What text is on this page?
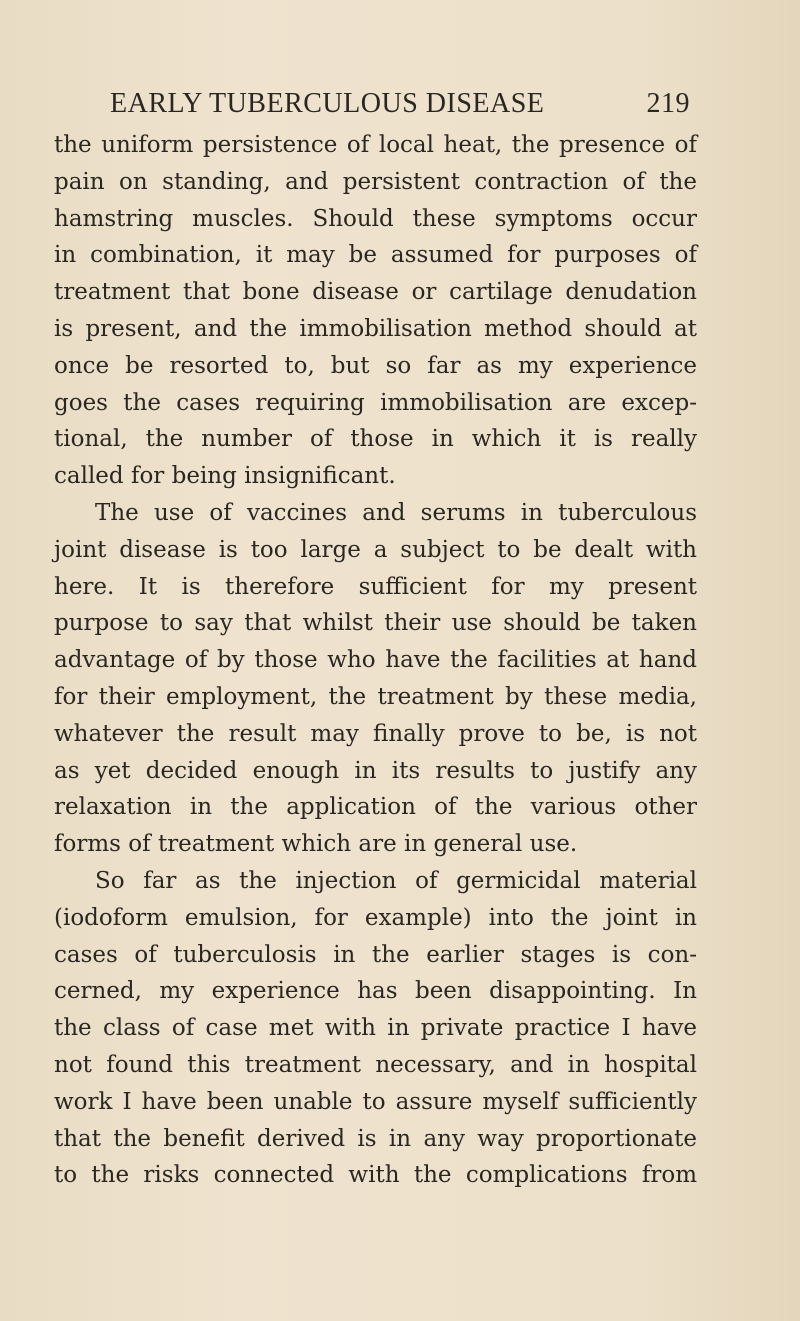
EARLY TUBERCULOUS DISEASE	219
the uniform persistence of local heat, the presence of
pain on standing, and persistent contraction of the
hamstring muscles. Should these symptoms occur
in combination, it may be assumed for purposes of
treatment that bone disease or cartilage denudation
is present, and the immobilisation method should at
once be resorted to, but so far as my experience
goes the cases requiring immobilisation are excep-
tional, the number of those in which it is really
called for being insignificant.
The use of vaccines and serums in tuberculous
joint disease is too large a subject to be dealt with
here. It is therefore sufficient for my present
purpose to say that whilst their use should be taken
advantage of by those who have the facilities at hand
for their employment, the treatment by these media,
whatever the result may finally prove to be, is not
as yet decided enough in its results to justify any
relaxation in the application of the various other
forms of treatment which are in general use.
So far as the injection of germicidal material
(iodoform emulsion, for example) into the joint in
cases of tuberculosis in the earlier stages is con-
cerned, my experience has been disappointing. In
the class of case met with in private practice I have
not found this treatment necessary, and in hospital
work I have been unable to assure myself sufficiently
that the benefit derived is in any way proportionate
to the risks connected with the complications from
